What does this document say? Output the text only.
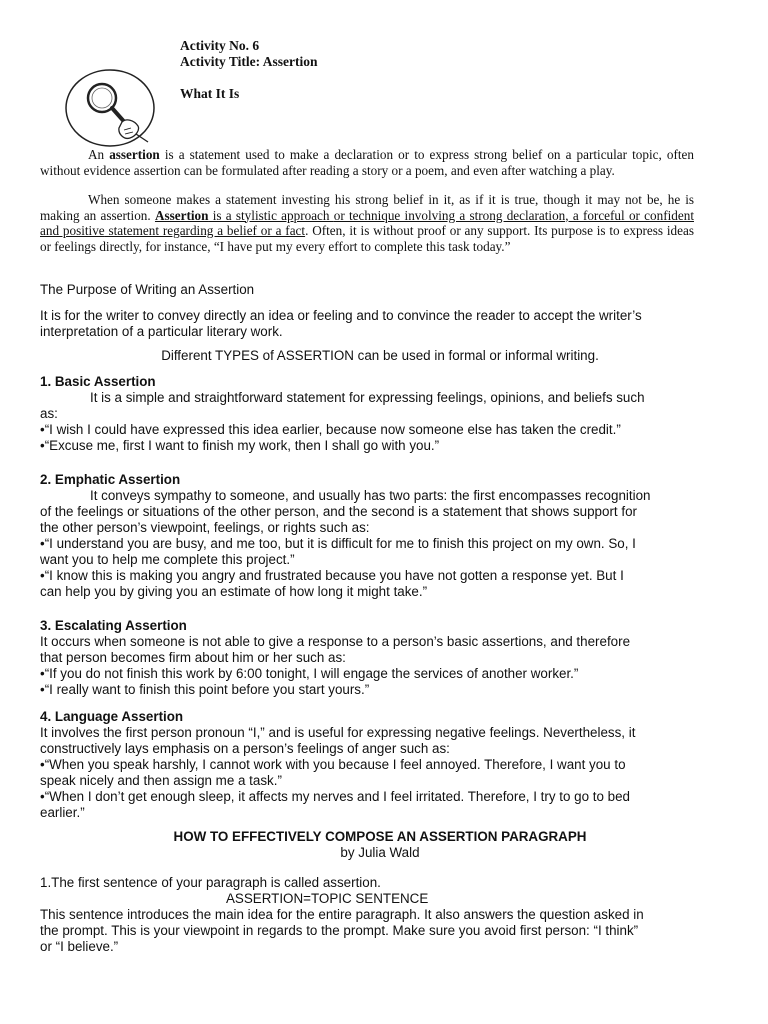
Activity No. 6
Activity Title: Assertion
What It Is
An assertion is a statement used to make a declaration or to express strong belief on a particular topic, often without evidence assertion can be formulated after reading a story or a poem, and even after watching a play.
When someone makes a statement investing his strong belief in it, as if it is true, though it may not be, he is making an assertion. Assertion is a stylistic approach or technique involving a strong declaration, a forceful or confident and positive statement regarding a belief or a fact. Often, it is without proof or any support. Its purpose is to express ideas or feelings directly, for instance, “I have put my every effort to complete this task today.”
The Purpose of Writing an Assertion
It is for the writer to convey directly an idea or feeling and to convince the reader to accept the writer’s
interpretation of a particular literary work.
Different TYPES of ASSERTION can be used in formal or informal writing.
1. Basic Assertion
It is a simple and straightforward statement for expressing feelings, opinions, and beliefs such
as:
•“I wish I could have expressed this idea earlier, because now someone else has taken the credit.”
•“Excuse me, first I want to finish my work, then I shall go with you.”
2. Emphatic Assertion
It conveys sympathy to someone, and usually has two parts: the first encompasses recognition
of the feelings or situations of the other person, and the second is a statement that shows support for
the other person’s viewpoint, feelings, or rights such as:
•“I understand you are busy, and me too, but it is difficult for me to finish this project on my own. So, I
want you to help me complete this project.”
•“I know this is making you angry and frustrated because you have not gotten a response yet. But I
can help you by giving you an estimate of how long it might take.”
3. Escalating Assertion
It occurs when someone is not able to give a response to a person’s basic assertions, and therefore
that person becomes firm about him or her such as:
•“If you do not finish this work by 6:00 tonight, I will engage the services of another worker.”
•“I really want to finish this point before you start yours.”
4. Language Assertion
It involves the first person pronoun “I,” and is useful for expressing negative feelings. Nevertheless, it
constructively lays emphasis on a person’s feelings of anger such as:
•“When you speak harshly, I cannot work with you because I feel annoyed. Therefore, I want you to
speak nicely and then assign me a task.”
•“When I don’t get enough sleep, it affects my nerves and I feel irritated. Therefore, I try to go to bed
earlier.”
HOW TO EFFECTIVELY COMPOSE AN ASSERTION PARAGRAPH
by Julia Wald
1.The first sentence of your paragraph is called assertion.
ASSERTION=TOPIC SENTENCE
This sentence introduces the main idea for the entire paragraph. It also answers the question asked in
the prompt. This is your viewpoint in regards to the prompt. Make sure you avoid first person: “I think”
or “I believe.”
